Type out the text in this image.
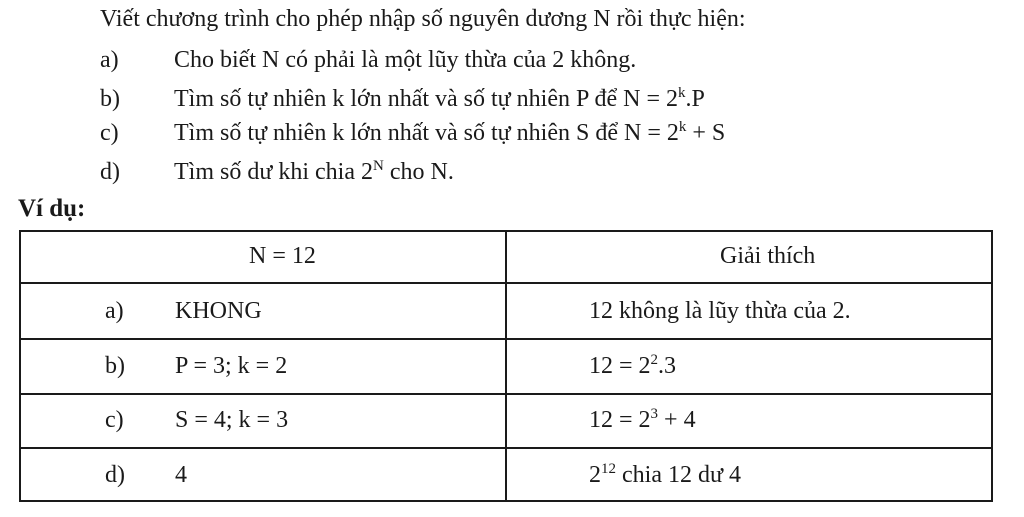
Viết chương trình cho phép nhập số nguyên dương N rồi thực hiện:
a) Cho biết N có phải là một lũy thừa của 2 không.
b) Tìm số tự nhiên k lớn nhất và số tự nhiên P để $N = 2^k.P$
c) Tìm số tự nhiên k lớn nhất và số tự nhiên S để $N = 2^k + S$
d) Tìm số dư khi chia $2^N$ cho N.
Ví dụ:
N = 12	Giải thích
a) KHONG	12 không là lũy thừa của 2.
b) P = 3; k = 2	$12 = 2^2.3$
c) S = 4; k = 3	$12 = 2^3 + 4$
d) 4	$2^{12}$ chia 12 dư 4
